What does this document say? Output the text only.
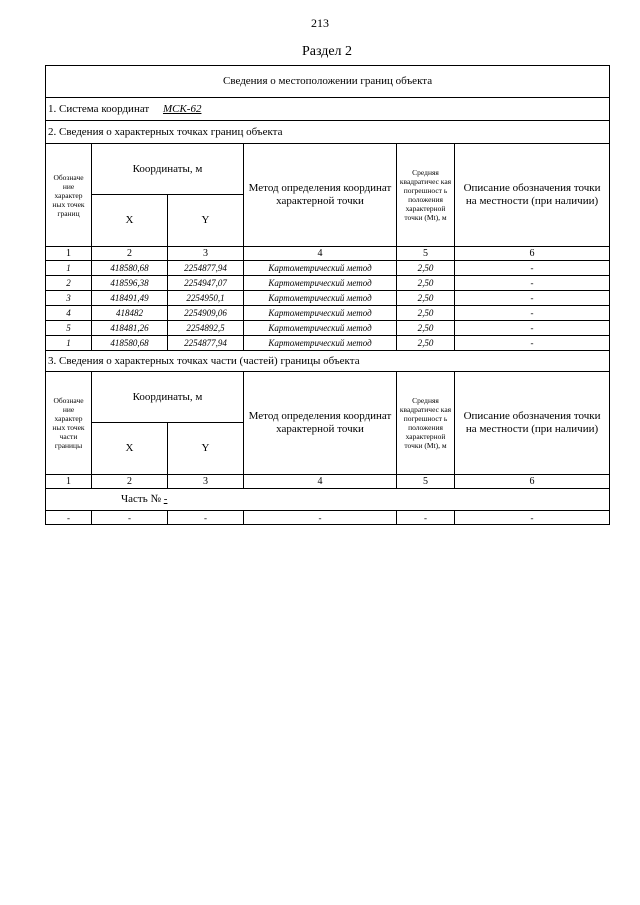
213
Раздел 2
Сведения о местоположении границ объекта					
1. Система координат МСК-62					
2. Сведения о характерных точках границ объекта					
Обозначе ние характер ных точек границ	Координаты, м		Метод определения координат характерной точки	Средняя квадратичес кая погрешност ь положения характерной точки (Mt), м	Описание обозначения точки на местности (при наличии)
	X	Y			
1	2	3	4	5	6
1	418580,68	2254877,94	Картометрический метод	2,50	-
2	418596,38	2254947,07	Картометрический метод	2,50	-
3	418491,49	2254950,1	Картометрический метод	2,50	-
4	418482	2254909,06	Картометрический метод	2,50	-
5	418481,26	2254892,5	Картометрический метод	2,50	-
1	418580,68	2254877,94	Картометрический метод	2,50	-
3. Сведения о характерных точках части (частей) границы объекта					
Обозначе ние характер ных точек части границы	Координаты, м		Метод определения координат характерной точки	Средняя квадратичес кая погрешност ь положения характерной точки (Mt), м	Описание обозначения точки на местности (при наличии)
	X	Y			
1	2	3	4	5	6
Часть № -					
-	-	-	-	-	-
